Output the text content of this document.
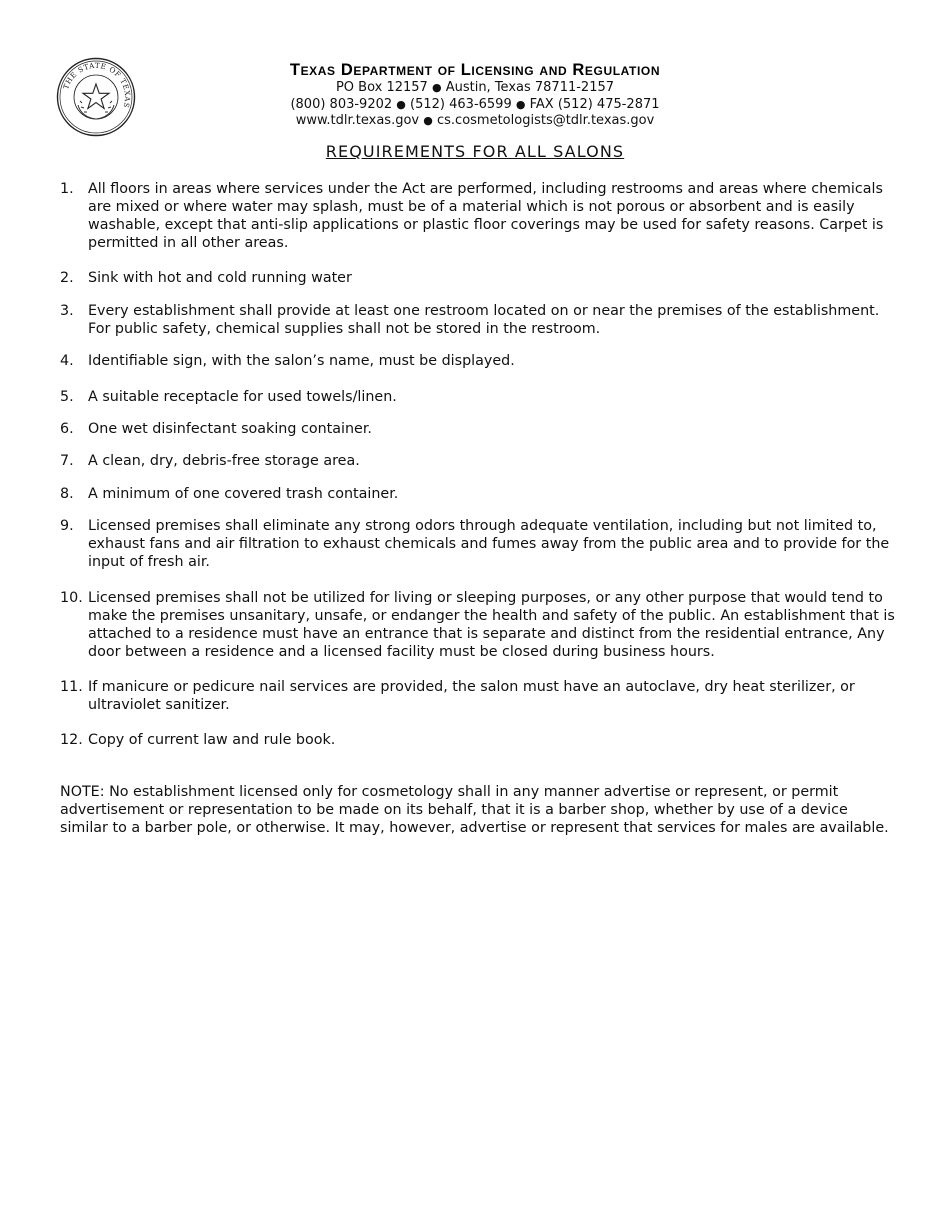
THE STATE OF TEXAS
Texas Department of Licensing and Regulation
PO Box 12157 ● Austin, Texas 78711-2157
(800) 803-9202 ● (512) 463-6599 ● FAX (512) 475-2871
www.tdlr.texas.gov ● cs.cosmetologists@tdlr.texas.gov
REQUIREMENTS FOR ALL SALONS
1. All floors in areas where services under the Act are performed, including restrooms and areas where chemicals are mixed or where water may splash, must be of a material which is not porous or absorbent and is easily washable, except that anti-slip applications or plastic floor coverings may be used for safety reasons. Carpet is permitted in all other areas.
2. Sink with hot and cold running water
3. Every establishment shall provide at least one restroom located on or near the premises of the establishment. For public safety, chemical supplies shall not be stored in the restroom.
4. Identifiable sign, with the salon’s name, must be displayed.
5. A suitable receptacle for used towels/linen.
6. One wet disinfectant soaking container.
7. A clean, dry, debris-free storage area.
8. A minimum of one covered trash container.
9. Licensed premises shall eliminate any strong odors through adequate ventilation, including but not limited to, exhaust fans and air filtration to exhaust chemicals and fumes away from the public area and to provide for the input of fresh air.
10. Licensed premises shall not be utilized for living or sleeping purposes, or any other purpose that would tend to make the premises unsanitary, unsafe, or endanger the health and safety of the public. An establishment that is attached to a residence must have an entrance that is separate and distinct from the residential entrance, Any door between a residence and a licensed facility must be closed during business hours.
11. If manicure or pedicure nail services are provided, the salon must have an autoclave, dry heat sterilizer, or ultraviolet sanitizer.
12. Copy of current law and rule book.
NOTE: No establishment licensed only for cosmetology shall in any manner advertise or represent, or permit advertisement or representation to be made on its behalf, that it is a barber shop, whether by use of a device similar to a barber pole, or otherwise. It may, however, advertise or represent that services for males are available.
